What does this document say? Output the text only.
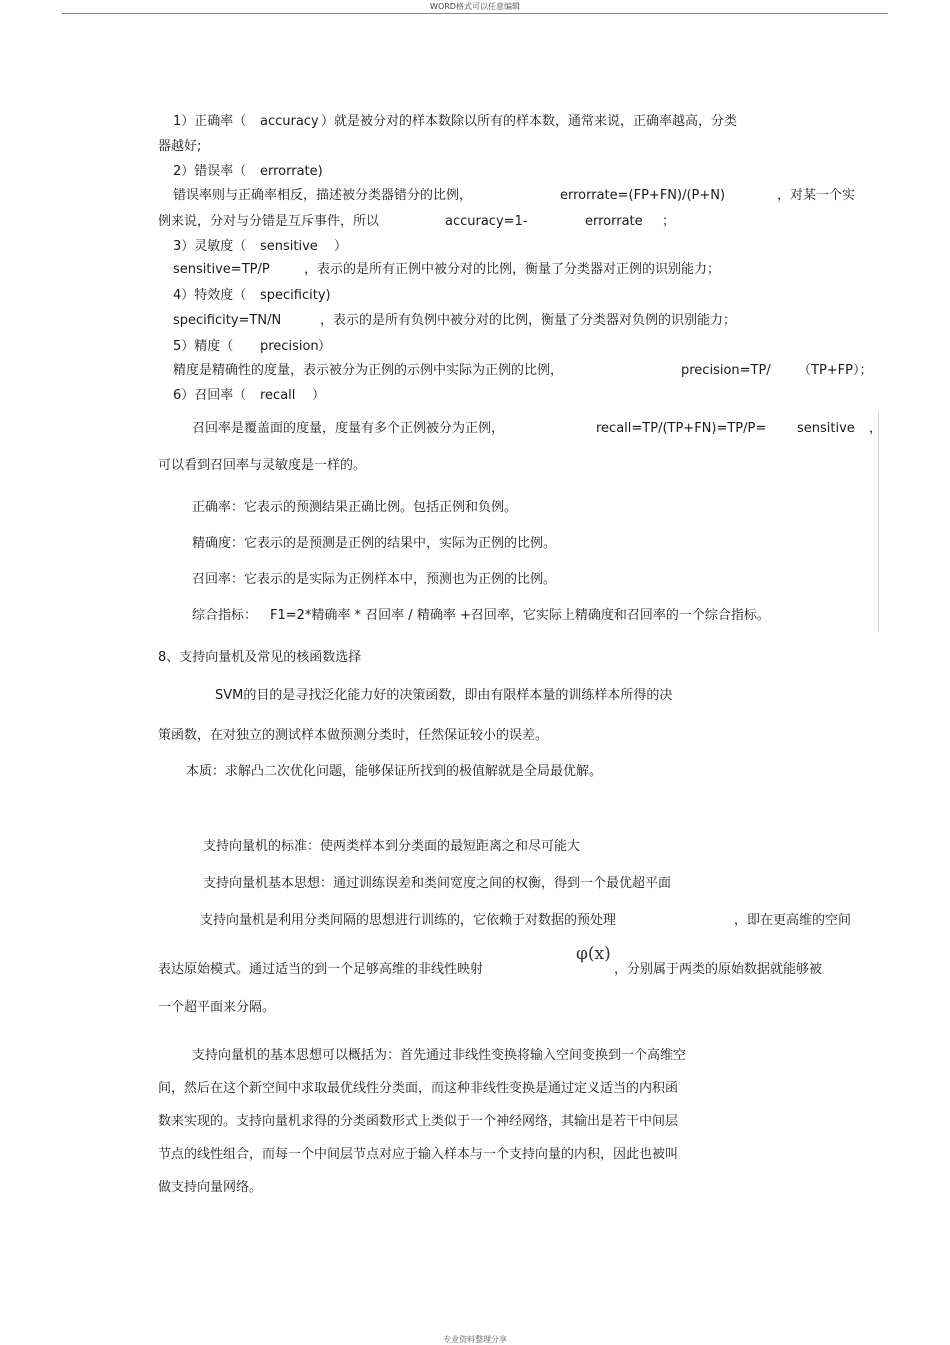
WORD格式可以任意编辑
1）正确率（ accuracy ）就是被分对的样本数除以所有的样本数，通常来说，正确率越高，分类
器越好;
2）错误率（ errorrate)
错误率则与正确率相反，描述被分类器错分的比例，	errorrate=(FP+FN)/(P+N)	，对某一个实
例来说，分对与分错是互斥事件，所以	accuracy=1-	errorrate ；
3）灵敏度（ sensitive ）
sensitive=TP/P	，表示的是所有正例中被分对的比例，衡量了分类器对正例的识别能力；
4）特效度（ specificity)
specificity=TN/N	，表示的是所有负例中被分对的比例，衡量了分类器对负例的识别能力；
5）精度（ precision ）
精度是精确性的度量，表示被分为正例的示例中实际为正例的比例，	precision=TP/ （TP+FP）；
6）召回率（ recall ）
召回率是覆盖面的度量，度量有多个正例被分为正例，	recall=TP/(TP+FN)=TP/P= sensitive ，
可以看到召回率与灵敏度是一样的。
正确率：它表示的预测结果正确比例。包括正例和负例。
精确度：它表示的是预测是正例的结果中，实际为正例的比例。
召回率：它表示的是实际为正例样本中，预测也为正例的比例。
综合指标： F1=2*精确率 * 召回率 / 精确率 +召回率，它实际上精确度和召回率的一个综合指标。
8、支持向量机及常见的核函数选择
SVM的目的是寻找泛化能力好的决策函数，即由有限样本量的训练样本所得的决
策函数，在对独立的测试样本做预测分类时，任然保证较小的误差。
本质：求解凸二次优化问题，能够保证所找到的极值解就是全局最优解。
支持向量机的标准：使两类样本到分类面的最短距离之和尽可能大
支持向量机基本思想：通过训练误差和类间宽度之间的权衡，得到一个最优超平面
支持向量机是利用分类间隔的思想进行训练的，它依赖于对数据的预处理	，即在更高维的空间
表达原始模式。通过适当的到一个足够高维的非线性映射	，分别属于两类的原始数据就能够被
φ(x)
一个超平面来分隔。
支持向量机的基本思想可以概括为：首先通过非线性变换将输入空间变换到一个高维空
间，然后在这个新空间中求取最优线性分类面，而这种非线性变换是通过定义适当的内积函
数来实现的。支持向量机求得的分类函数形式上类似于一个神经网络，其输出是若干中间层
节点的线性组合，而每一个中间层节点对应于输入样本与一个支持向量的内积，因此也被叫
做支持向量网络。
专业资料整理分享
